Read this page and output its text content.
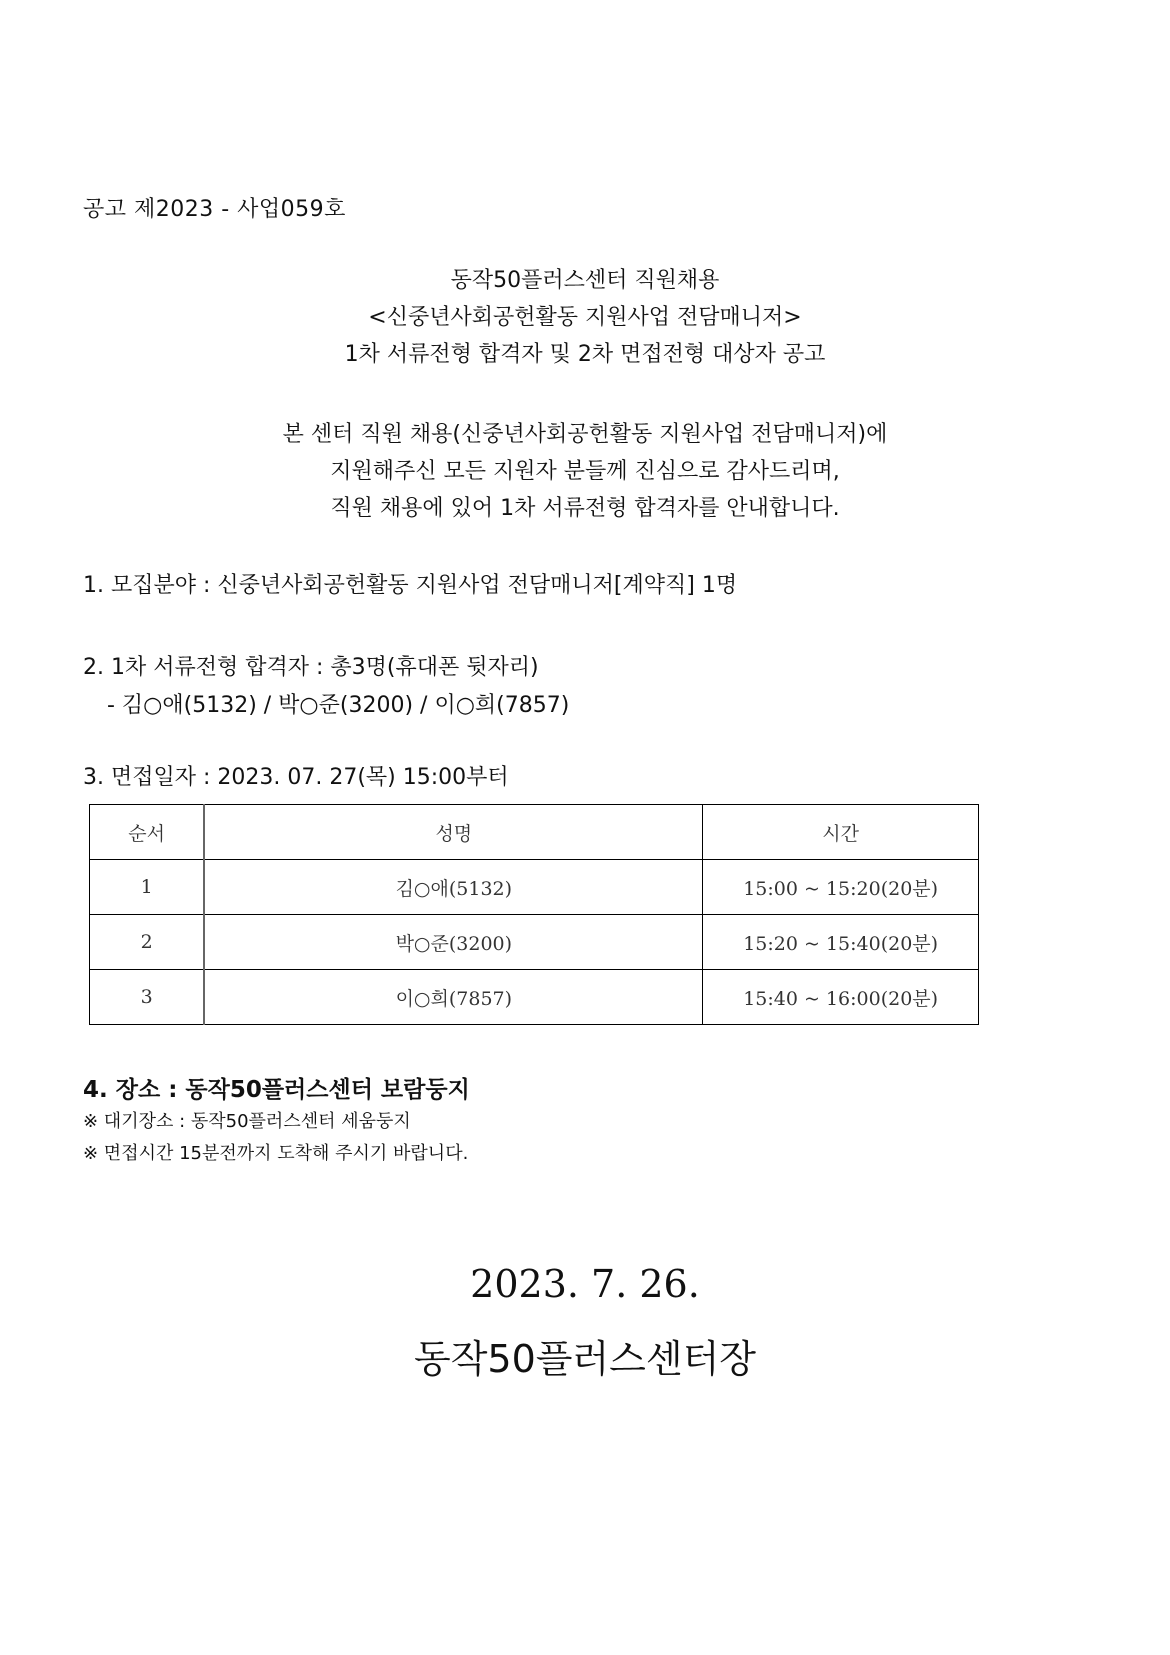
공고 제2023 - 사업059호
동작50플러스센터 직원채용
<신중년사회공헌활동 지원사업 전담매니저>
1차 서류전형 합격자 및 2차 면접전형 대상자 공고
본 센터 직원 채용(신중년사회공헌활동 지원사업 전담매니저)에
지원해주신 모든 지원자 분들께 진심으로 감사드리며,
직원 채용에 있어 1차 서류전형 합격자를 안내합니다.
1. 모집분야 : 신중년사회공헌활동 지원사업 전담매니저[계약직] 1명
2. 1차 서류전형 합격자 : 총3명(휴대폰 뒷자리)
- 김○애(5132) / 박○준(3200) / 이○희(7857)
3. 면접일자 : 2023. 07. 27(목) 15:00부터
순서	성명	시간
1	김○애(5132)	15:00 ~ 15:20(20분)
2	박○준(3200)	15:20 ~ 15:40(20분)
3	이○희(7857)	15:40 ~ 16:00(20분)
4. 장소 : 동작50플러스센터 보람둥지
※ 대기장소 : 동작50플러스센터 세움둥지
※ 면접시간 15분전까지 도착해 주시기 바랍니다.
2023. 7. 26.
동작50플러스센터장
